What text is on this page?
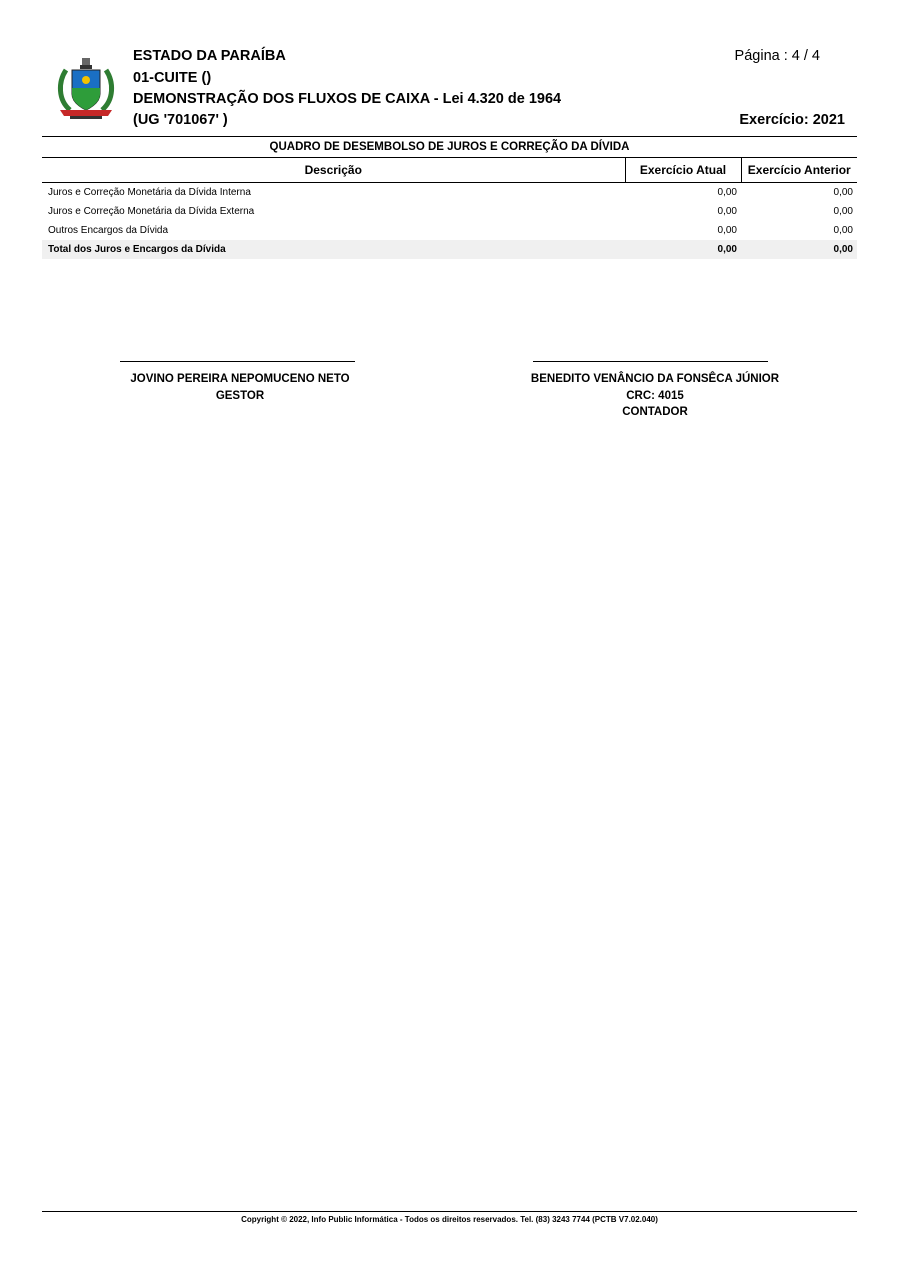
ESTADO DA PARAÍBA
01-CUITE ()
DEMONSTRAÇÃO DOS FLUXOS DE CAIXA - Lei 4.320 de 1964
(UG '701067' )
Página : 4 / 4
Exercício: 2021
QUADRO DE DESEMBOLSO DE JUROS E CORREÇÃO DA DÍVIDA
Descrição	Exercício Atual	Exercício Anterior
Juros e Correção Monetária da Dívida Interna	0,00	0,00
Juros e Correção Monetária da Dívida Externa	0,00	0,00
Outros Encargos da Dívida	0,00	0,00
Total dos Juros e Encargos da Dívida	0,00	0,00
JOVINO PEREIRA NEPOMUCENO NETO
GESTOR
BENEDITO VENÂNCIO DA FONSÊCA JÚNIOR
CRC: 4015
CONTADOR
Copyright © 2022, Info Public Informática - Todos os direitos reservados. Tel. (83) 3243 7744 (PCTB V7.02.040)
